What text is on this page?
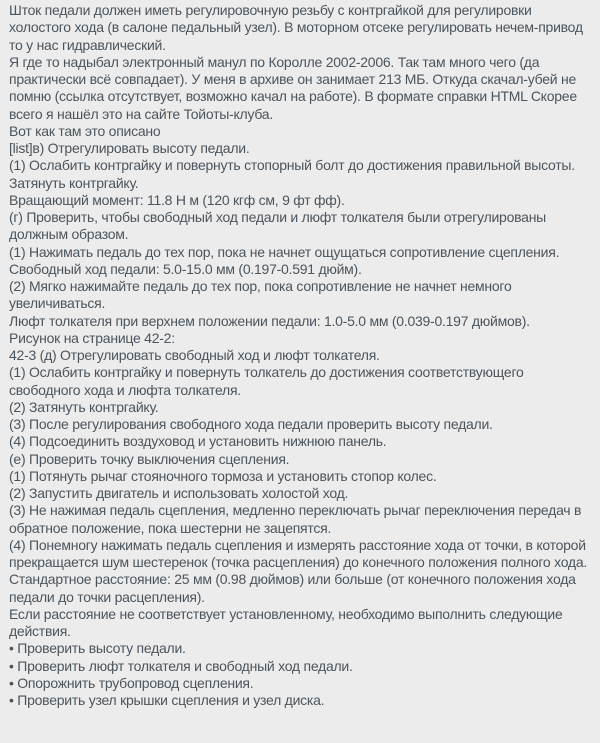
Шток педали должен иметь регулировочную резьбу с контргайкой для регулировки холостого хода (в салоне педальный узел). В моторном отсеке регулировать нечем-привод то у нас гидравлический.

Я где то надыбал электронный манул по Королле 2002-2006. Так там много чего (да практически всё совпадает). У меня в архиве он занимает 213 МБ. Откуда скачал-убей не помню (ссылка отсутствует, возможно качал на работе). В формате справки HTML Скорее всего я нашёл это на сайте Тойоты-клуба.

Вот как там это описано

[list]в) Отрегулировать высоту педали.

(1) Ослабить контргайку и повернуть стопорный болт до достижения правильной высоты. Затянуть контргайку.

Вращающий момент: 11.8 Н м (120 кгф см, 9 фт фф).

(г) Проверить, чтобы свободный ход педали и люфт толкателя были отрегулированы должным образом.

(1) Нажимать педаль до тех пор, пока не начнет ощущаться сопротивление сцепления.

Свободный ход педали: 5.0-15.0 мм (0.197-0.591 дюйм).

(2) Мягко нажимайте педаль до тех пор, пока сопротивление не начнет немного увеличиваться.

Люфт толкателя при верхнем положении педали: 1.0-5.0 мм (0.039-0.197 дюймов).

Рисунок на странице 42-2:

42-3 (д) Отрегулировать свободный ход и люфт толкателя.

(1) Ослабить контргайку и повернуть толкатель до достижения соответствующего свободного хода и люфта толкателя.

(2) Затянуть контргайку.

(3) После регулирования свободного хода педали проверить высоту педали.

(4) Подсоединить воздуховод и установить нижнюю панель.

(е) Проверить точку выключения сцепления.

(1) Потянуть рычаг стояночного тормоза и установить стопор колес.

(2) Запустить двигатель и использовать холостой ход.

(3) Не нажимая педаль сцепления, медленно переключать рычаг переключения передач в обратное положение, пока шестерни не зацепятся.

(4) Понемногу нажимать педаль сцепления и измерять расстояние хода от точки, в которой прекращается шум шестеренок (точка расцепления) до конечного положения полного хода.

Стандартное расстояние: 25 мм (0.98 дюймов) или больше (от конечного положения хода педали до точки расцепления).

Если расстояние не соответствует установленному, необходимо выполнить следующие действия.

• Проверить высоту педали.

• Проверить люфт толкателя и свободный ход педали.

• Опорожнить трубопровод сцепления.

• Проверить узел крышки сцепления и узел диска.
